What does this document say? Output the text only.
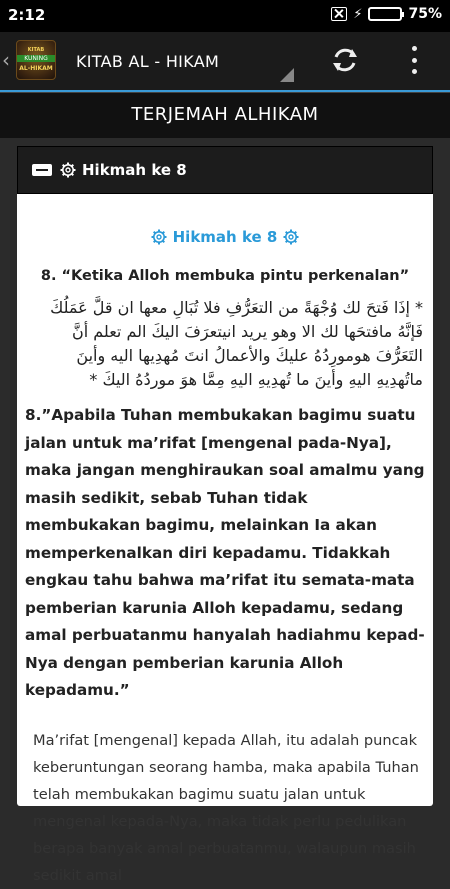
2:12	⚡	75%
‹	KITAB
KUNING
AL-HIKAM KITAB AL - HIKAM
TERJEMAH ALHIKAM
Hikmah ke 8
Hikmah ke 8
8. “Ketika Alloh membuka pintu perkenalan”
* إذَا فَتحَ لك وُجْهَةً من التعَرُّفِ فلا تُبَالِ معها ان قلَّ عَمَلُكَ فَإنَّهُ مافتحَها لك الا وهو يريد انيتعرَفَ اليكَ الم تعلم أنَّ التَعَرُّفَ هومورِدُهُ عليكَ والأعمالُ انتَ مُهدِيها اليه وأينَ ماتُهدِيهِ اليهِ وأينَ ما تُهدِيهِ اليهِ مِمَّا هوَ موردُهُ اليكَ *
8.”Apabila Tuhan membukakan bagimu suatu jalan untuk ma’rifat [mengenal pada-Nya], maka jangan menghiraukan soal amalmu yang masih sedikit, sebab Tuhan tidak membukakan bagimu, melainkan Ia akan memperkenalkan diri kepadamu. Tidakkah engkau tahu bahwa ma’rifat itu semata-mata pemberian karunia Alloh kepadamu, sedang amal perbuatanmu hanyalah hadiahmu kepad-Nya dengan pemberian karunia Alloh kepadamu.”
Ma’rifat [mengenal] kepada Allah, itu adalah puncak keberuntungan seorang hamba, maka apabila Tuhan telah membukakan bagimu suatu jalan untuk mengenal kepada-Nya, maka tidak perlu pedulikan berapa banyak amal perbuatanmu, walaupun masih sedikit amal
